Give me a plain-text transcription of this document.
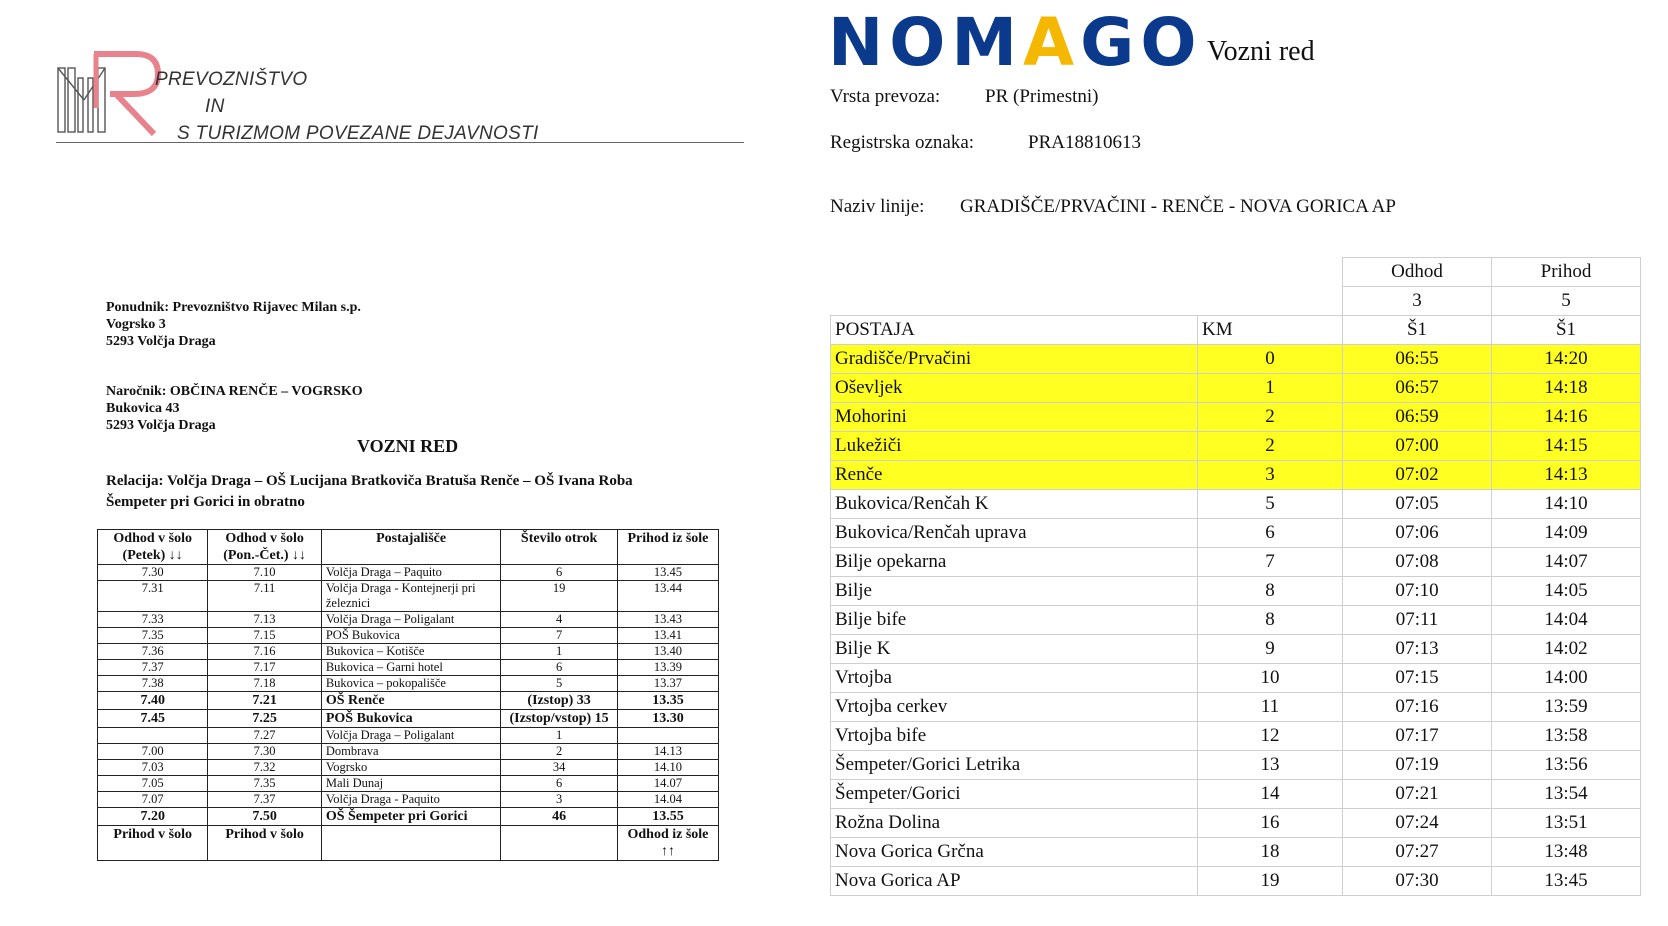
PREVOZNIŠTVO
IN
S TURIZMOM POVEZANE DEJAVNOSTI
Ponudnik: Prevozništvo Rijavec Milan s.p.
Vogrsko 3
5293 Volčja Draga
Naročnik: OBČINA RENČE – VOGRSKO
Bukovica 43
5293 Volčja Draga
VOZNI RED
Relacija: Volčja Draga – OŠ Lucijana Bratkoviča Bratuša Renče – OŠ Ivana Roba
Šempeter pri Gorici in obratno
Odhod v šolo (Petek) ↓↓	Odhod v šolo (Pon.-Čet.) ↓↓	Postajališče	Število otrok	Prihod iz šole
7.30	7.10	Volčja Draga – Paquito	6	13.45
7.31	7.11	Volčja Draga - Kontejnerji pri železnici	19	13.44
7.33	7.13	Volčja Draga – Poligalant	4	13.43
7.35	7.15	POŠ Bukovica	7	13.41
7.36	7.16	Bukovica – Kotišče	1	13.40
7.37	7.17	Bukovica – Garni hotel	6	13.39
7.38	7.18	Bukovica – pokopališče	5	13.37
7.40	7.21	OŠ Renče	(Izstop) 33	13.35
7.45	7.25	POŠ Bukovica	(Izstop/vstop) 15	13.30
	7.27	Volčja Draga – Poligalant	1	
7.00	7.30	Dombrava	2	14.13
7.03	7.32	Vogrsko	34	14.10
7.05	7.35	Mali Dunaj	6	14.07
7.07	7.37	Volčja Draga - Paquito	3	14.04
7.20	7.50	OŠ Šempeter pri Gorici	46	13.55
Prihod v šolo	Prihod v šolo			Odhod iz šole ↑↑
NOMAGO Vozni red
Vrsta prevoza: PR (Primestni)
Registrska oznaka:	PRA18810613
Naziv linije: GRADIŠČE/PRVAČINI - RENČE - NOVA GORICA AP
		Odhod	Prihod
		3	5
POSTAJA	KM	Š1	Š1
Gradišče/Prvačini	0	06:55	14:20
Oševljek	1	06:57	14:18
Mohorini	2	06:59	14:16
Lukežiči	2	07:00	14:15
Renče	3	07:02	14:13
Bukovica/Renčah K	5	07:05	14:10
Bukovica/Renčah uprava	6	07:06	14:09
Bilje opekarna	7	07:08	14:07
Bilje	8	07:10	14:05
Bilje bife	8	07:11	14:04
Bilje K	9	07:13	14:02
Vrtojba	10	07:15	14:00
Vrtojba cerkev	11	07:16	13:59
Vrtojba bife	12	07:17	13:58
Šempeter/Gorici Letrika	13	07:19	13:56
Šempeter/Gorici	14	07:21	13:54
Rožna Dolina	16	07:24	13:51
Nova Gorica Grčna	18	07:27	13:48
Nova Gorica AP	19	07:30	13:45
